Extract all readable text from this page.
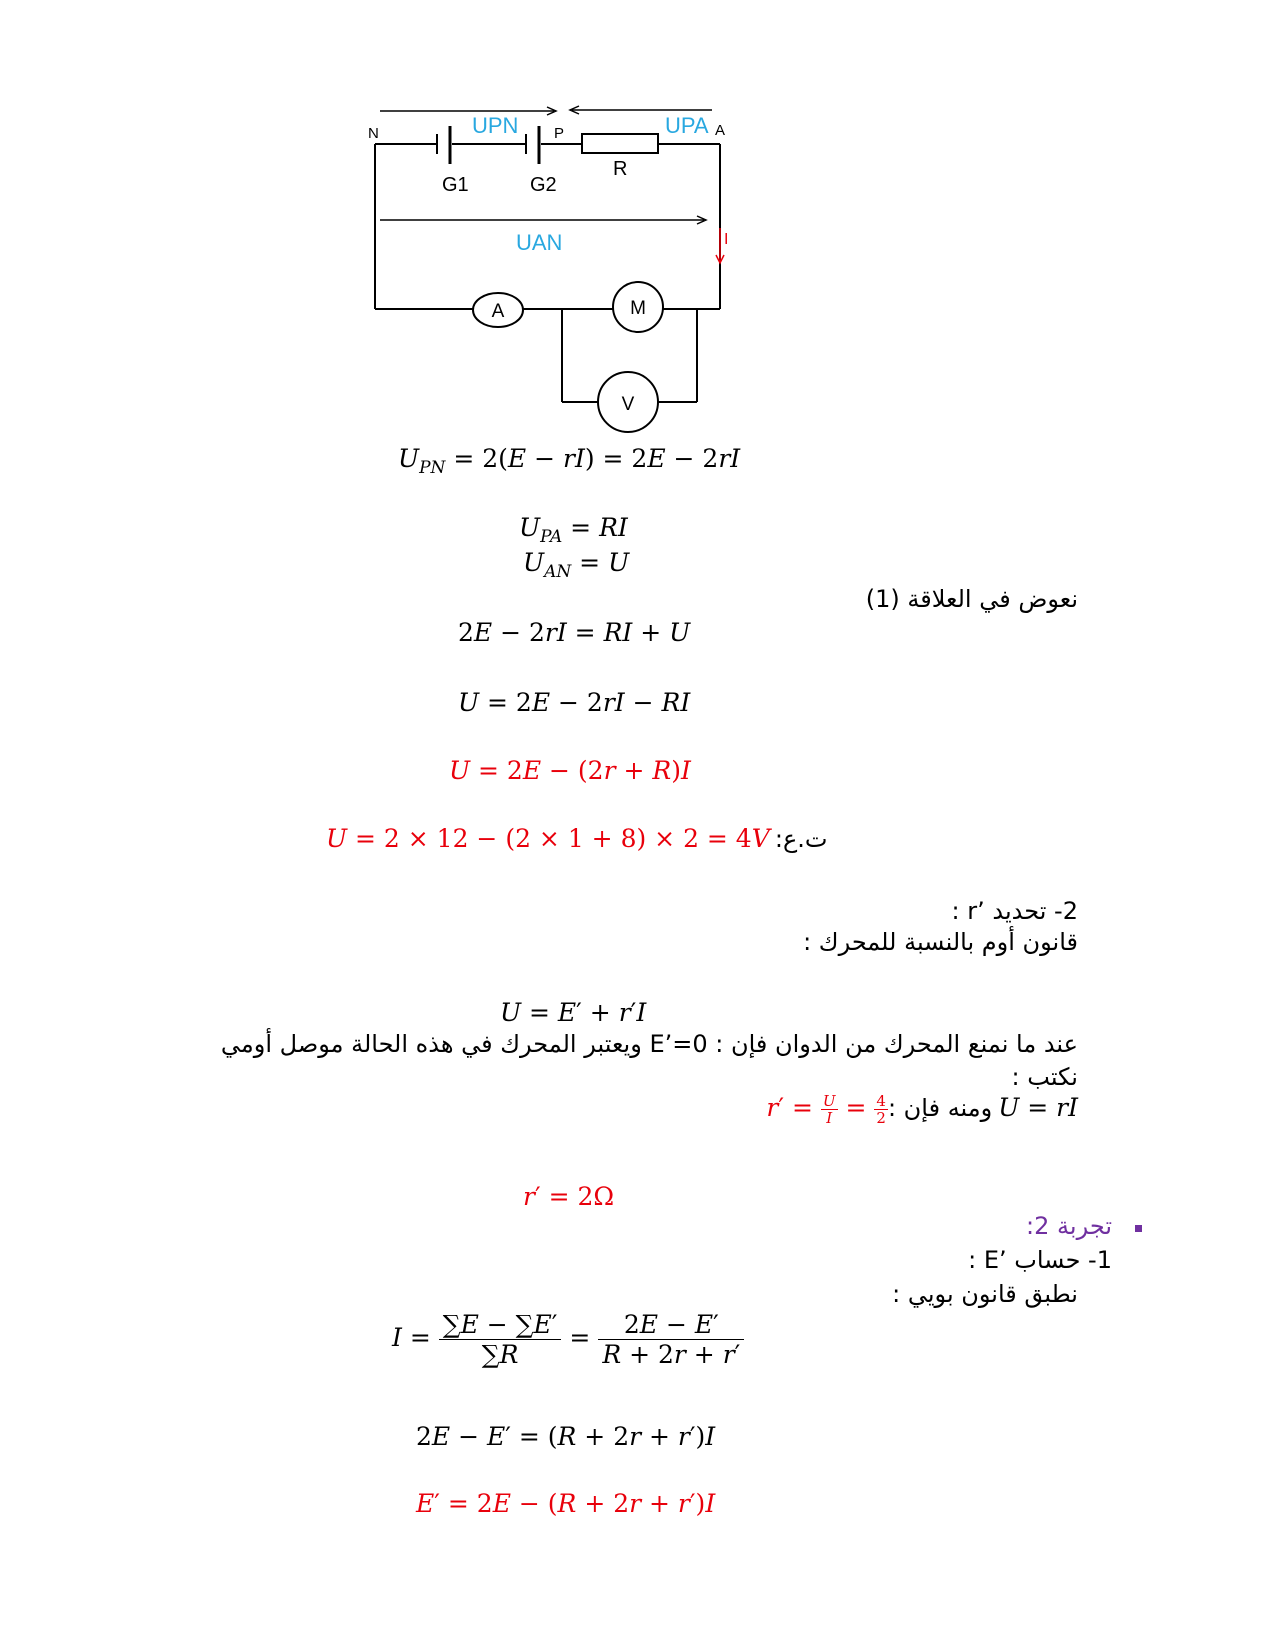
N	P	A
UPN	UPA
UAN
R
G1	G2
I
A	M
V
$U_{PN} = 2(E - rI) = 2E - 2rI$
$U_{PA}$ = RI
$U_{AN} = U$
نعوض في العلاقة (1)
2E − 2rI = RI + U
U = 2E − 2rI − RI
U = 2E − (2r + R)I
U = 2 × 12 − (2 × 1 + 8) × 2 = 4V ت.ع:
2- تحديد ’r :
قانون أوم بالنسبة للمحرك :
U = E′ + r′I
عند ما نمنع المحرك من الدوان فإن : E’=0 ويعتبر المحرك في هذه الحالة موصل أومي
نكتب :
$r' = \frac{U}{I} = \frac{4}{2}$ ومنه فإن : U = rI
r′ = 2Ω
تجربة 2:
1- حساب ’E :
نطبق قانون بويي :
$I = \frac{\sum E - \sum E'}{\sum R} = \frac{2E - E'}{R + 2r + r'}$
2E − E′ = (R + 2r + r′)I
E′ = 2E − (R + 2r + r′)I
